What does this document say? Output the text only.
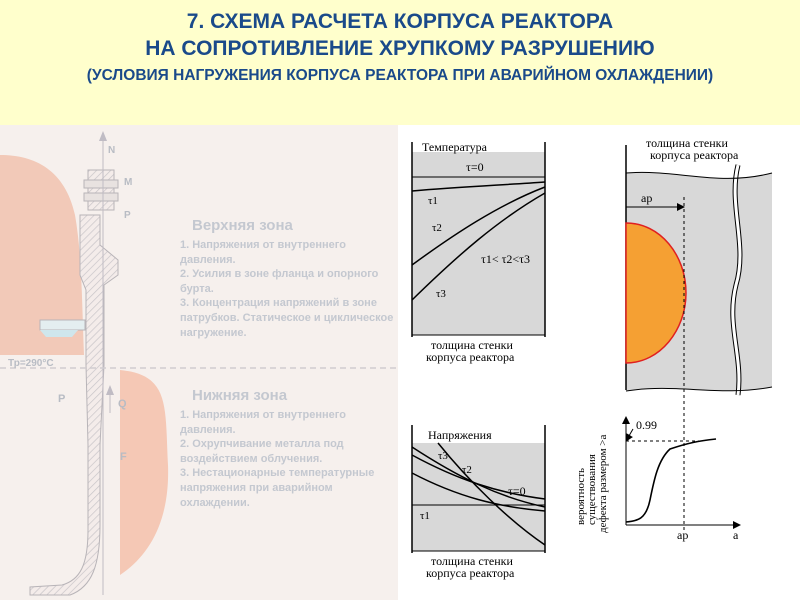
7. СХЕМА РАСЧЕТА КОРПУСА РЕАКТОРА
НА СОПРОТИВЛЕНИЕ ХРУПКОМУ РАЗРУШЕНИЮ
(УСЛОВИЯ НАГРУЖЕНИЯ КОРПУСА РЕАКТОРА ПРИ АВАРИЙНОМ ОХЛАЖДЕНИИ)
N
M
P
Тр=290°С
P	Q
F
Верхняя зона
1. Напряжения от внутреннего давления.
2. Усилия в зоне фланца и опорного бурта.
3. Концентрация напряжений в зоне патрубков. Статическое и циклическое нагружение.
Нижняя зона
1. Напряжения от внутреннего давления.
2. Охрупчивание металла под воздействием облучения.
3. Нестационарные температурные напряжения при аварийном охлаждении.
Температура
τ=0
τ1
τ2
τ3
τ1< τ2<τ3
толщина стенки
корпуса реактора
aр
толщина стенки
корпуса реактора
Напряжения
τ3
τ2
τ1
τ=0
толщина стенки
корпуса реактора
0.99
aр	a
вероятность существования дефекта размером >a
